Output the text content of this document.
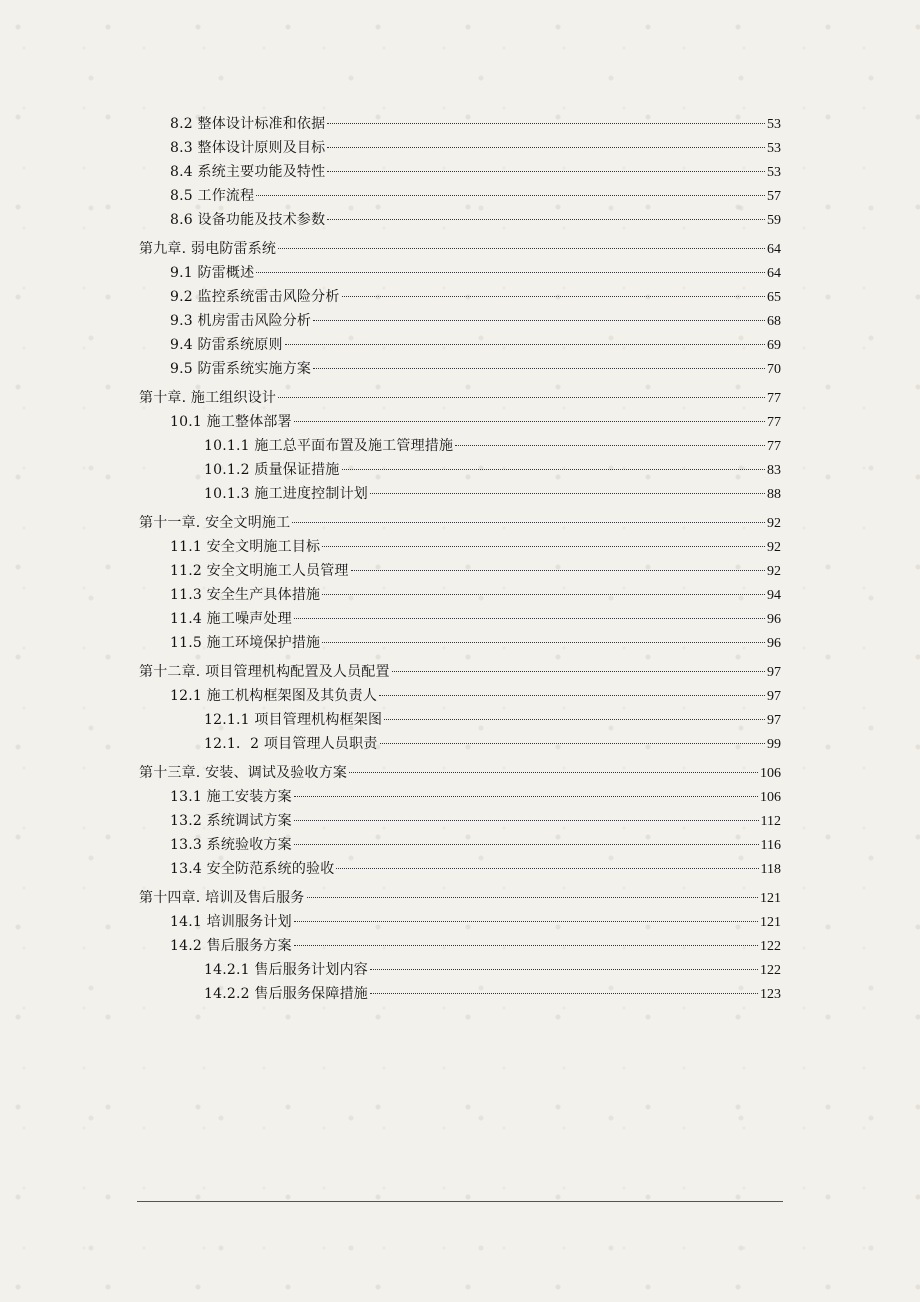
8.2 整体设计标准和依据	53
8.3 整体设计原则及目标	53
8.4 系统主要功能及特性	53
8.5 工作流程	57
8.6 设备功能及技术参数	59
第九章. 弱电防雷系统	64
9.1 防雷概述	64
9.2 监控系统雷击风险分析	65
9.3 机房雷击风险分析	68
9.4 防雷系统原则	69
9.5 防雷系统实施方案	70
第十章. 施工组织设计	77
10.1 施工整体部署	77
10.1.1 施工总平面布置及施工管理措施	77
10.1.2 质量保证措施	83
10.1.3 施工进度控制计划	88
第十一章. 安全文明施工	92
11.1 安全文明施工目标	92
11.2 安全文明施工人员管理	92
11.3 安全生产具体措施	94
11.4 施工噪声处理	96
11.5 施工环境保护措施	96
第十二章. 项目管理机构配置及人员配置	97
12.1 施工机构框架图及其负责人	97
12.1.1 项目管理机构框架图	97
12.1．2 项目管理人员职责	99
第十三章. 安装、调试及验收方案	106
13.1 施工安装方案	106
13.2 系统调试方案	112
13.3 系统验收方案	116
13.4 安全防范系统的验收	118
第十四章. 培训及售后服务	121
14.1 培训服务计划	121
14.2 售后服务方案	122
14.2.1 售后服务计划内容	122
14.2.2 售后服务保障措施	123
